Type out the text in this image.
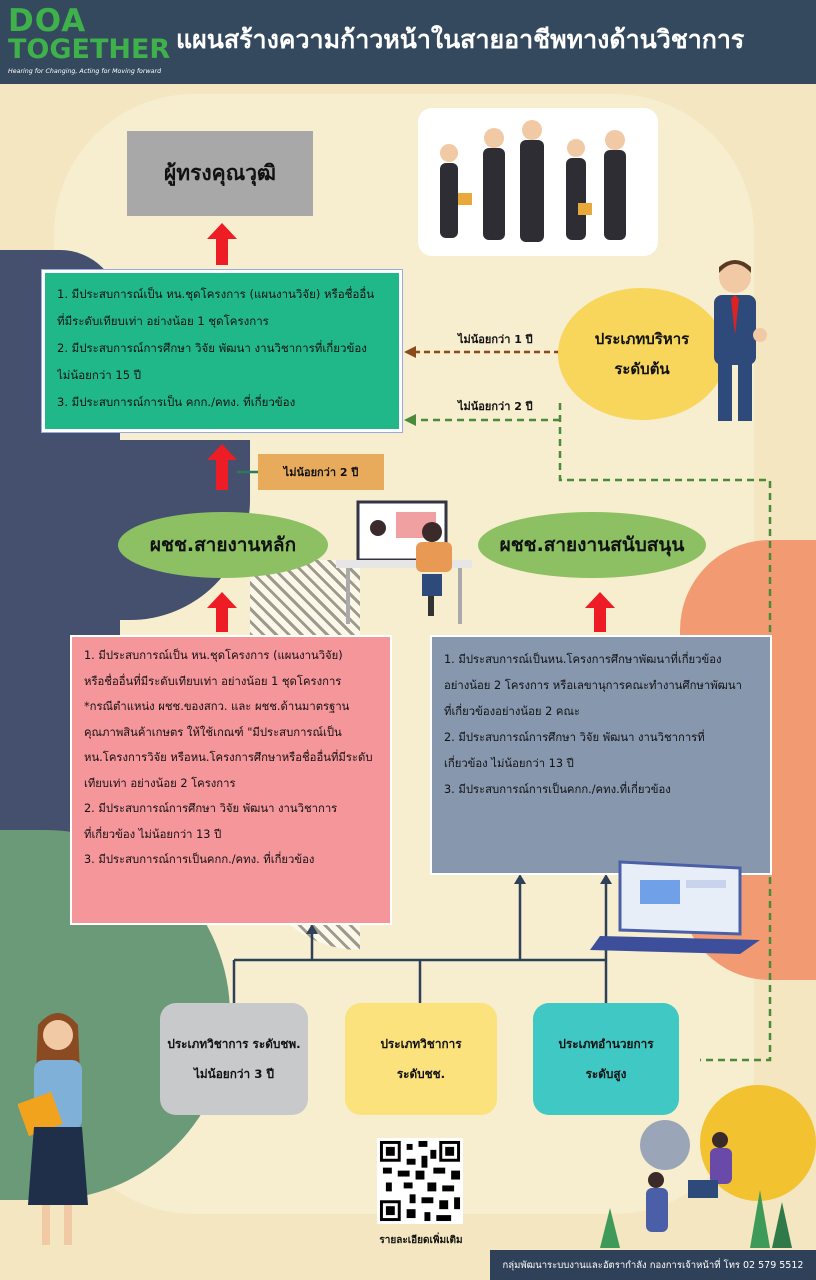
DOA
TOGETHER
Hearing for Changing, Acting for Moving forward
แผนสร้างความก้าวหน้าในสายอาชีพทางด้านวิชาการ
ผู้ทรงคุณวุฒิ
1. มีประสบการณ์เป็น หน.ชุดโครงการ (แผนงานวิจัย) หรือชื่ออื่น
ที่มีระดับเทียบเท่า อย่างน้อย 1 ชุดโครงการ
2. มีประสบการณ์การศึกษา วิจัย พัฒนา งานวิชาการที่เกี่ยวข้อง
ไม่น้อยกว่า 15 ปี
3. มีประสบการณ์การเป็น คกก./คทง. ที่เกี่ยวข้อง
ประเภทบริหาร
ระดับต้น
ไม่น้อยกว่า 1 ปี
ไม่น้อยกว่า 2 ปี
ไม่น้อยกว่า 2 ปี
ผชช.สายงานหลัก	ผชช.สายงานสนับสนุน
1. มีประสบการณ์เป็น หน.ชุดโครงการ (แผนงานวิจัย)
หรือชื่ออื่นที่มีระดับเทียบเท่า อย่างน้อย 1 ชุดโครงการ
*กรณีตำแหน่ง ผชช.ของสกว. และ ผชช.ด้านมาตรฐาน
คุณภาพสินค้าเกษตร ให้ใช้เกณฑ์ "มีประสบการณ์เป็น
หน.โครงการวิจัย หรือหน.โครงการศึกษาหรือชื่ออื่นที่มีระดับ
เทียบเท่า อย่างน้อย 2 โครงการ
2. มีประสบการณ์การศึกษา วิจัย พัฒนา งานวิชาการ
ที่เกี่ยวข้อง ไม่น้อยกว่า 13 ปี
3. มีประสบการณ์การเป็นคกก./คทง. ที่เกี่ยวข้อง
1. มีประสบการณ์เป็นหน.โครงการศึกษาพัฒนาที่เกี่ยวข้อง
อย่างน้อย 2 โครงการ หรือเลขานุการคณะทำงานศึกษาพัฒนา
ที่เกี่ยวข้องอย่างน้อย 2 คณะ
2. มีประสบการณ์การศึกษา วิจัย พัฒนา งานวิชาการที่
เกี่ยวข้อง ไม่น้อยกว่า 13 ปี
3. มีประสบการณ์การเป็นคกก./คทง.ที่เกี่ยวข้อง
ประเภทวิชาการ ระดับชพ.
ไม่น้อยกว่า 3 ปี
ประเภทวิชาการ
ระดับชช.
ประเภทอำนวยการ
ระดับสูง
รายละเอียดเพิ่มเติม
กลุ่มพัฒนาระบบงานและอัตรากำลัง กองการเจ้าหน้าที่ โทร 02 579 5512
